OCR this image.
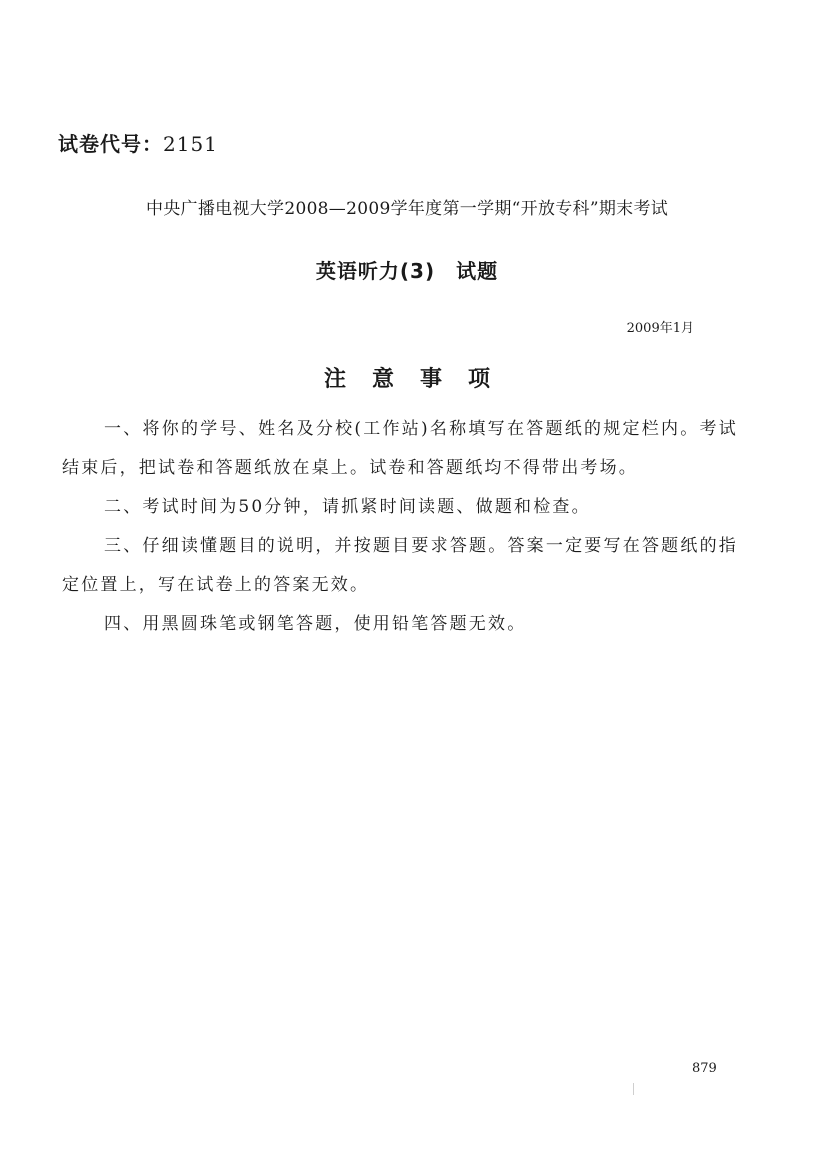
试卷代号：2151
中央广播电视大学2008—2009学年度第一学期“开放专科”期末考试
英语听力(3)　试题
2009年1月
注意事项

一、将你的学号、姓名及分校(工作站)名称填写在答题纸的规定栏内。考试结束后，把试卷和答题纸放在桌上。试卷和答题纸均不得带出考场。

二、考试时间为50分钟，请抓紧时间读题、做题和检查。

三、仔细读懂题目的说明，并按题目要求答题。答案一定要写在答题纸的指定位置上，写在试卷上的答案无效。

四、用黑圆珠笔或钢笔答题，使用铅笔答题无效。

879
